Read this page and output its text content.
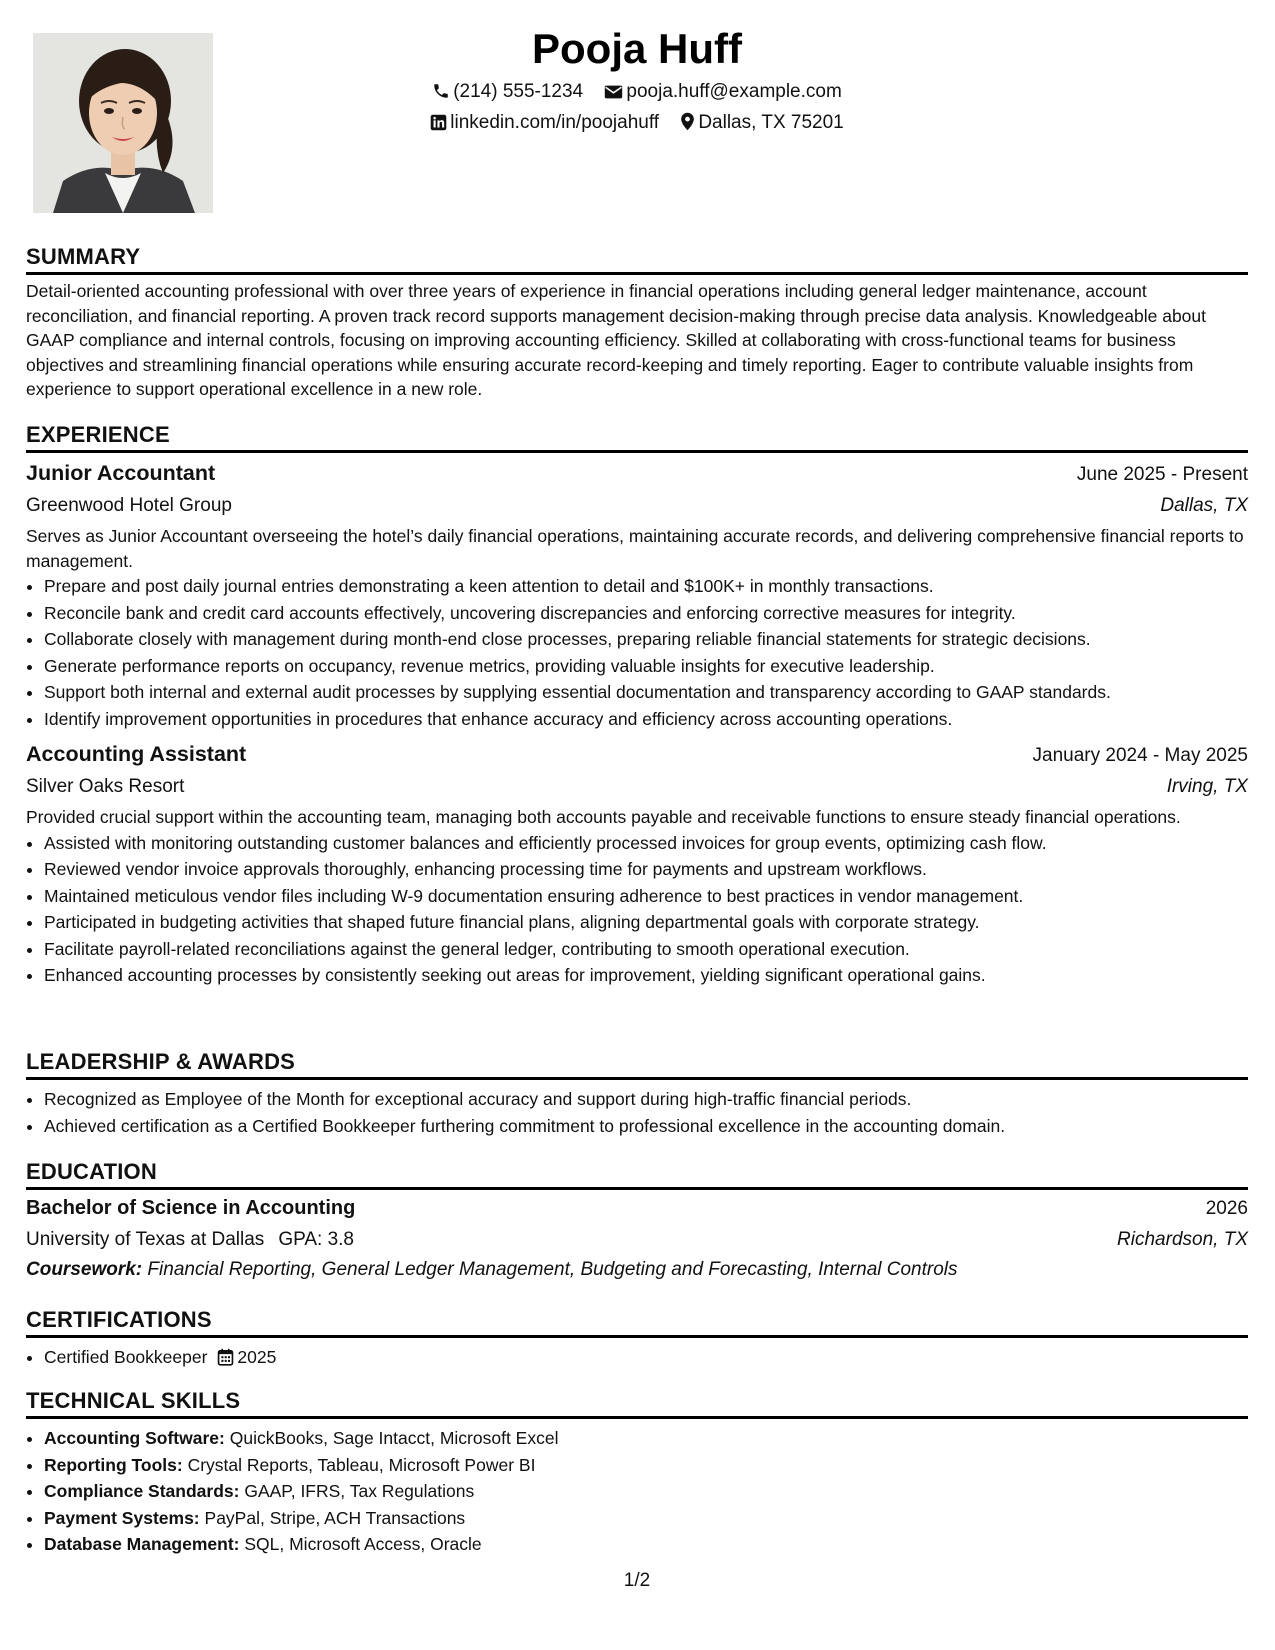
Pooja Huff
(214) 555-1234 pooja.huff@example.com
linkedin.com/in/poojahuff Dallas, TX 75201
SUMMARY

Detail-oriented accounting professional with over three years of experience in financial operations including general ledger maintenance, account reconciliation, and financial reporting. A proven track record supports management decision-making through precise data analysis. Knowledgeable about GAAP compliance and internal controls, focusing on improving accounting efficiency. Skilled at collaborating with cross-functional teams for business objectives and streamlining financial operations while ensuring accurate record-keeping and timely reporting. Eager to contribute valuable insights from experience to support operational excellence in a new role.

EXPERIENCE
Junior Accountant	June 2025 - Present
Greenwood Hotel Group	Dallas, TX

Serves as Junior Accountant overseeing the hotel’s daily financial operations, maintaining accurate records, and delivering comprehensive financial reports to management.

• Prepare and post daily journal entries demonstrating a keen attention to detail and $100K+ in monthly transactions.
• Reconcile bank and credit card accounts effectively, uncovering discrepancies and enforcing corrective measures for integrity.
• Collaborate closely with management during month-end close processes, preparing reliable financial statements for strategic decisions.
• Generate performance reports on occupancy, revenue metrics, providing valuable insights for executive leadership.
• Support both internal and external audit processes by supplying essential documentation and transparency according to GAAP standards.
• Identify improvement opportunities in procedures that enhance accuracy and efficiency across accounting operations.
Accounting Assistant	January 2024 - May 2025
Silver Oaks Resort	Irving, TX

Provided crucial support within the accounting team, managing both accounts payable and receivable functions to ensure steady financial operations.

• Assisted with monitoring outstanding customer balances and efficiently processed invoices for group events, optimizing cash flow.
• Reviewed vendor invoice approvals thoroughly, enhancing processing time for payments and upstream workflows.
• Maintained meticulous vendor files including W-9 documentation ensuring adherence to best practices in vendor management.
• Participated in budgeting activities that shaped future financial plans, aligning departmental goals with corporate strategy.
• Facilitate payroll-related reconciliations against the general ledger, contributing to smooth operational execution.
• Enhanced accounting processes by consistently seeking out areas for improvement, yielding significant operational gains.
LEADERSHIP & AWARDS
• Recognized as Employee of the Month for exceptional accuracy and support during high-traffic financial periods.
• Achieved certification as a Certified Bookkeeper furthering commitment to professional excellence in the accounting domain.
EDUCATION
Bachelor of Science in Accounting	2026
University of Texas at Dallas GPA: 3.8	Richardson, TX
Coursework: Financial Reporting, General Ledger Management, Budgeting and Forecasting, Internal Controls
CERTIFICATIONS
• Certified Bookkeeper 2025
TECHNICAL SKILLS
• Accounting Software: QuickBooks, Sage Intacct, Microsoft Excel
• Reporting Tools: Crystal Reports, Tableau, Microsoft Power BI
• Compliance Standards: GAAP, IFRS, Tax Regulations
• Payment Systems: PayPal, Stripe, ACH Transactions
• Database Management: SQL, Microsoft Access, Oracle
1/2
